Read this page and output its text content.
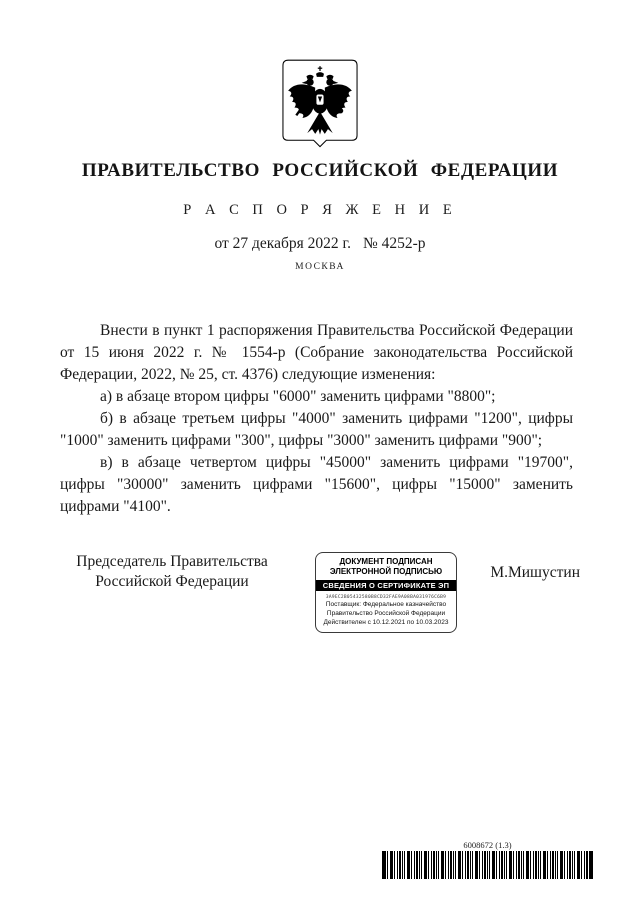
ПРАВИТЕЛЬСТВО РОССИЙСКОЙ ФЕДЕРАЦИИ
Р А С П О Р Я Ж Е Н И Е
от 27 декабря 2022 г. № 4252-р
МОСКВА

Внести в пункт 1 распоряжения Правительства Российской Федерации от 15 июня 2022 г. № 1554-р (Собрание законодательства Российской Федерации, 2022, № 25, ст. 4376) следующие изменения:

а) в абзаце втором цифры "6000" заменить цифрами "8800";

б) в абзаце третьем цифры "4000" заменить цифрами "1200", цифры "1000" заменить цифрами "300", цифры "3000" заменить цифрами "900";

в) в абзаце четвертом цифры "45000" заменить цифрами "19700", цифры "30000" заменить цифрами "15600", цифры "15000" заменить цифрами "4100".

Председатель Правительства
Российской Федерации
ДОКУМЕНТ ПОДПИСАН
ЭЛЕКТРОННОЙ ПОДПИСЬЮ
СВЕДЕНИЯ О СЕРТИФИКАТЕ ЭП
3A9EC2B05432580B8CD32FAE9A08BA031976C6B9
Поставщик: Федеральное казначейство
Правительство Российской Федерации
Действителен с 10.12.2021 по 10.03.2023
М.Мишустин
6008672 (1.3)
